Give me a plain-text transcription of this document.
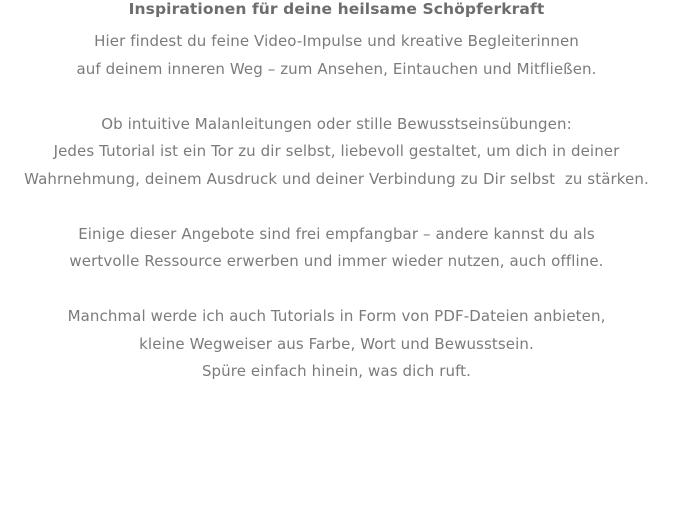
Inspirationen für deine heilsame Schöpferkraft
Hier findest du feine Video-Impulse und kreative Begleiterinnen
auf deinem inneren Weg – zum Ansehen, Eintauchen und Mitfließen.
Ob intuitive Malanleitungen oder stille Bewusstseinsübungen:
Jedes Tutorial ist ein Tor zu dir selbst, liebevoll gestaltet, um dich in deiner
Wahrnehmung, deinem Ausdruck und deiner Verbindung zu Dir selbst  zu stärken.
Einige dieser Angebote sind frei empfangbar – andere kannst du als
wertvolle Ressource erwerben und immer wieder nutzen, auch offline.
Manchmal werde ich auch Tutorials in Form von PDF-Dateien anbieten,
kleine Wegweiser aus Farbe, Wort und Bewusstsein.
Spüre einfach hinein, was dich ruft.
